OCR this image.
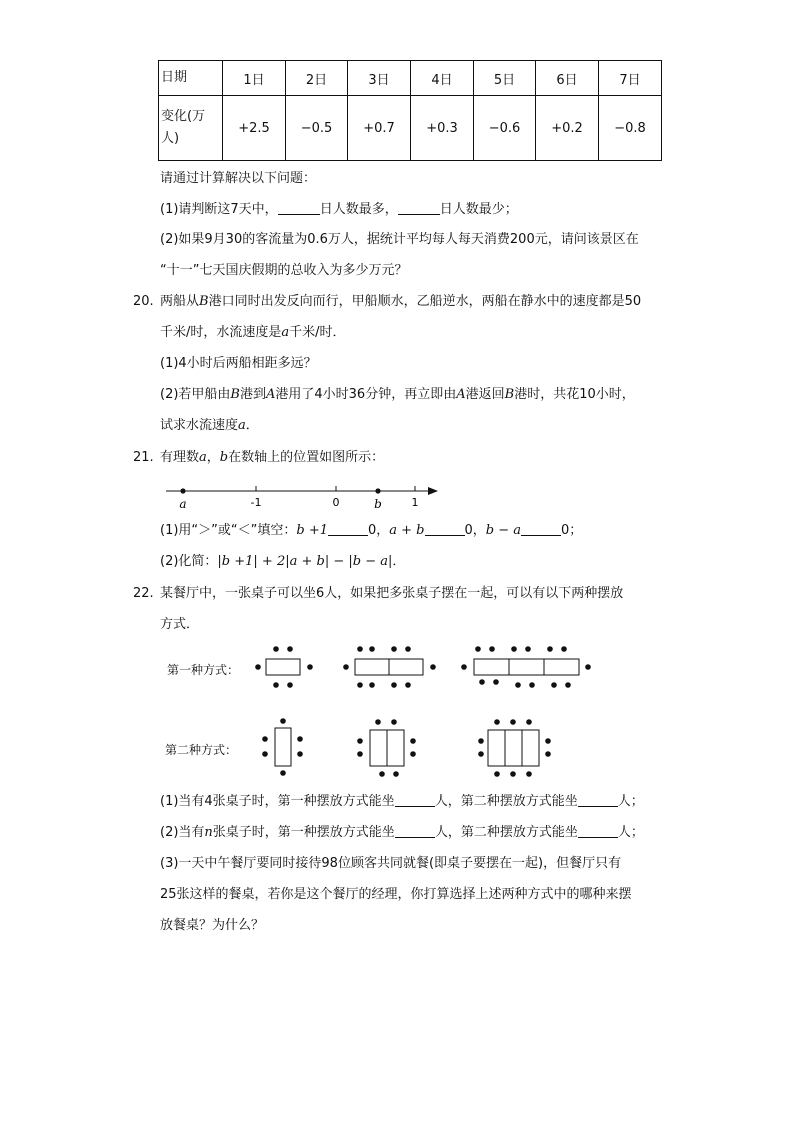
日期	1日	2日	3日	4日	5日	6日	7日
变化(万
人)	+2.5	−0.5	+0.7	+0.3	−0.6	+0.2	−0.8
请通过计算解决以下问题：
(1)请判断这7天中，	日人数最多，	日人数最少；
(2)如果9月30的客流量为0.6万人，据统计平均每人每天消费200元，请问该景区在
“十一”七天国庆假期的总收入为多少万元？
20. 两船从B港口同时出发反向而行，甲船顺水，乙船逆水，两船在静水中的速度都是50
千米/时，水流速度是a千米/时．
(1)4小时后两船相距多远？
(2)若甲船由B港到A港用了4小时36分钟，再立即由A港返回B港时，共花10小时，
试求水流速度a．
21. 有理数a，b在数轴上的位置如图所示：
a	-1	0	b	1
(1)用“＞”或“＜”填空：b +1	0，a + b	0，b − a	0；
(2)化简：|b +1| + 2|a + b| − |b − a|．
22. 某餐厅中，一张桌子可以坐6人，如果把多张桌子摆在一起，可以有以下两种摆放
方式．
第一种方式：
第二种方式：
(1)当有4张桌子时，第一种摆放方式能坐	人，第二种摆放方式能坐	人；
(2)当有n张桌子时，第一种摆放方式能坐	人，第二种摆放方式能坐	人；
(3)一天中午餐厅要同时接待98位顾客共同就餐(即桌子要摆在一起)，但餐厅只有
25张这样的餐桌，若你是这个餐厅的经理，你打算选择上述两种方式中的哪种来摆
放餐桌？为什么？
